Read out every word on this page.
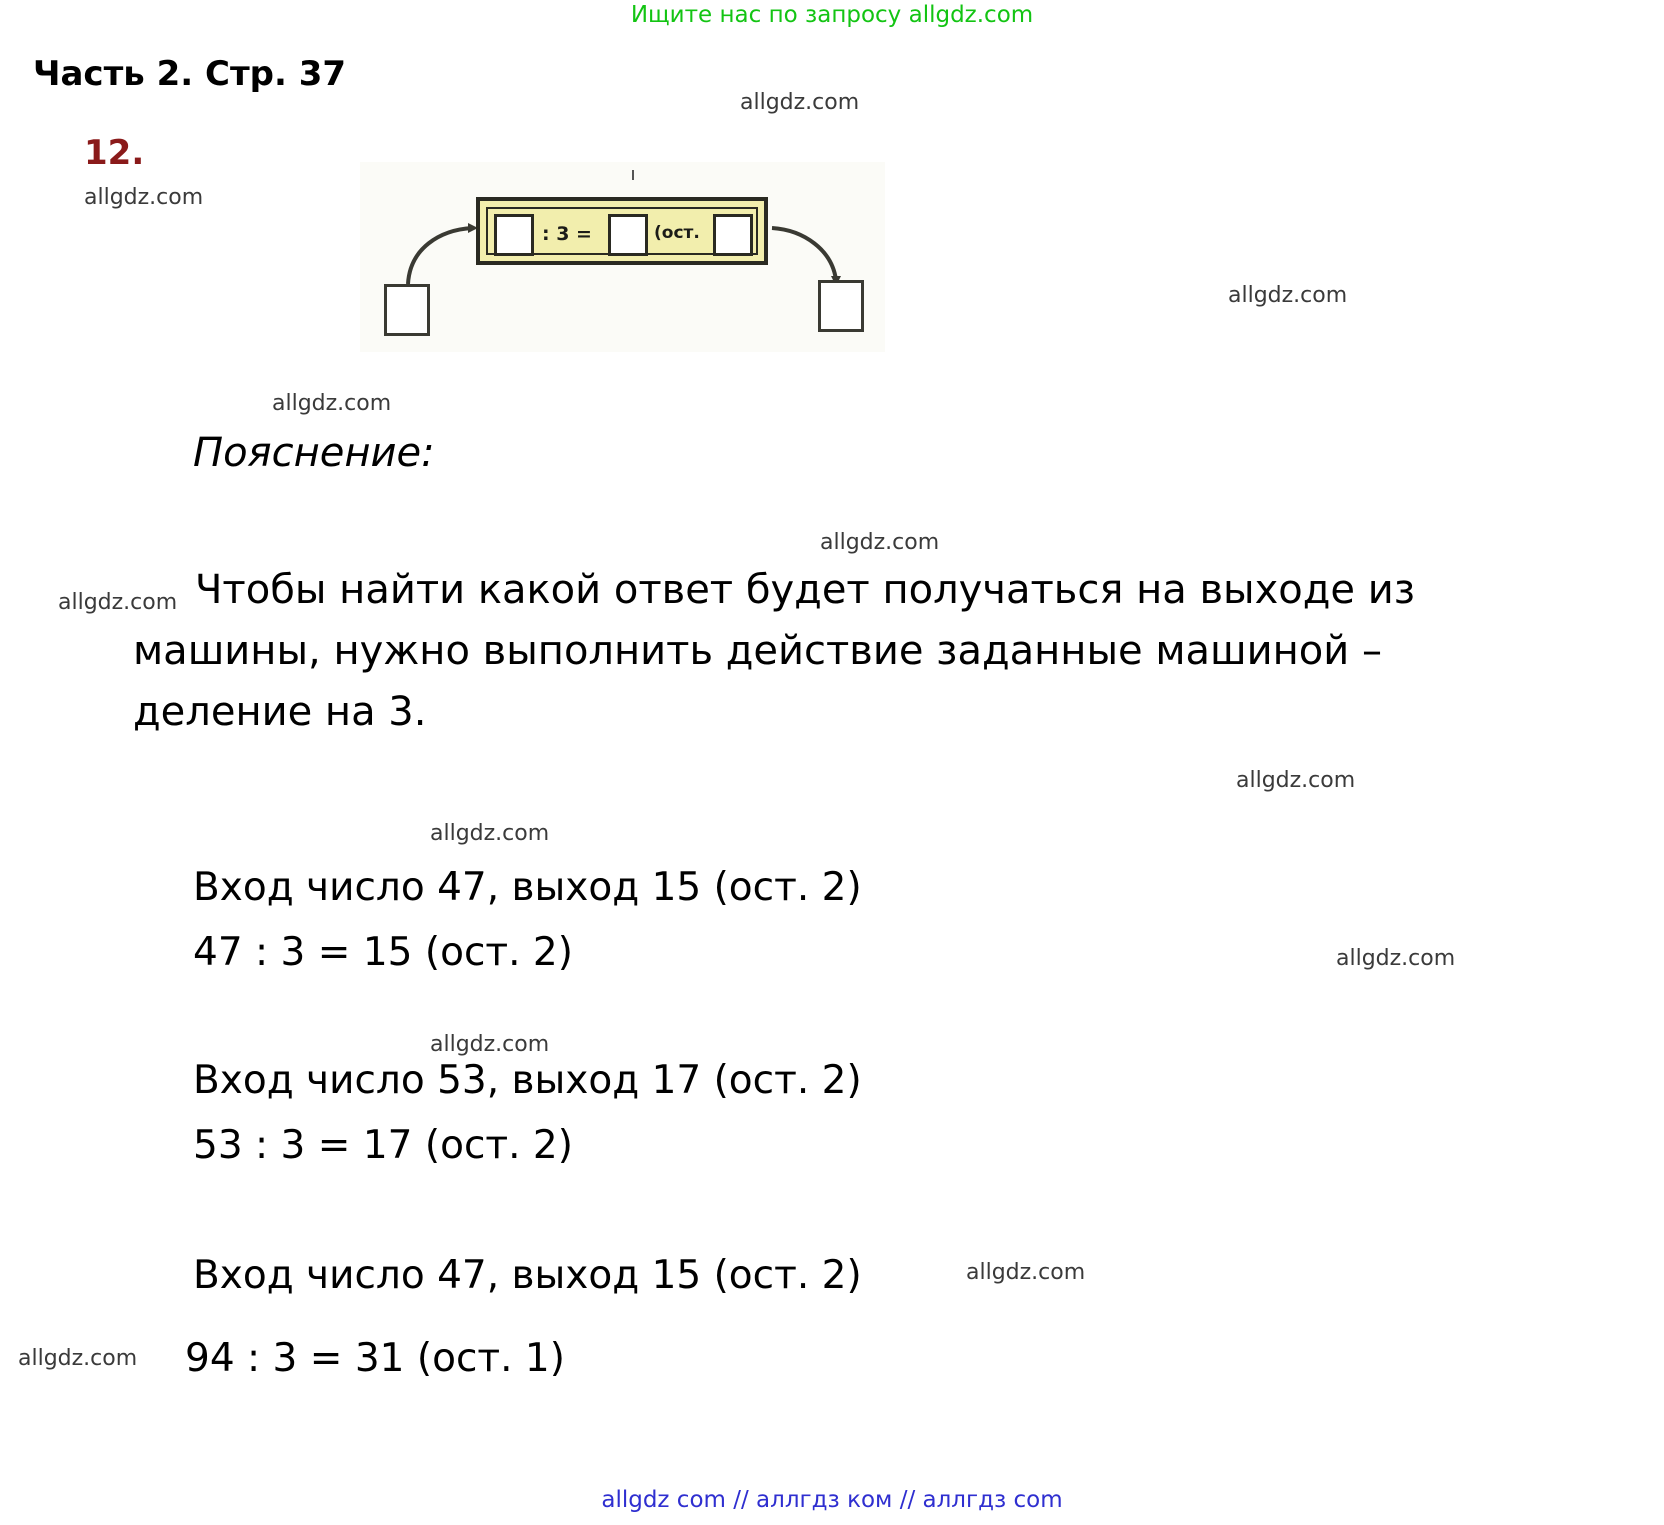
Ищите нас по запросу allgdz.com
Часть 2. Стр. 37
12.
allgdz.com
allgdz.com
allgdz.com
allgdz.com
allgdz.com
allgdz.com
allgdz.com
allgdz.com
allgdz.com
allgdz.com
allgdz.com
allgdz.com
: 3 =	(ост.
Пояснение:
Чтобы найти какой ответ будет получаться на выходе из машины, нужно выполнить действие заданные машиной – деление на 3.
Вход число 47, выход 15 (ост. 2)
47 : 3 = 15 (ост. 2)
Вход число 53, выход 17 (ост. 2)
53 : 3 = 17 (ост. 2)
Вход число 47, выход 15 (ост. 2)
94 : 3 = 31 (ост. 1)
allgdz com // аллгдз ком // аллгдз com
